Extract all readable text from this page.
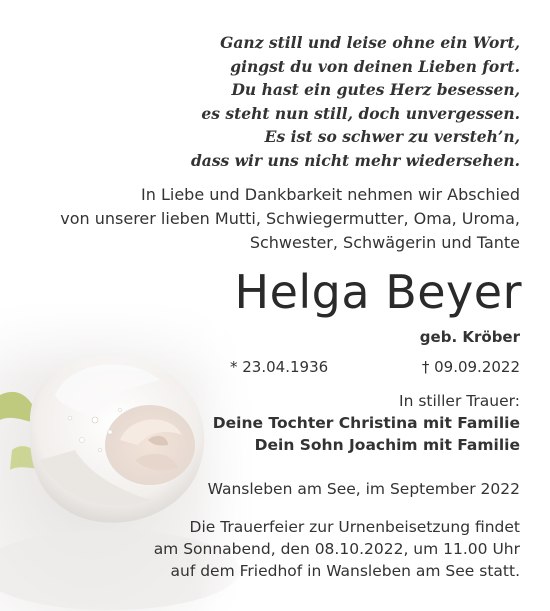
Ganz still und leise ohne ein Wort,
gingst du von deinen Lieben fort.
Du hast ein gutes Herz besessen,
es steht nun still, doch unvergessen.
Es ist so schwer zu versteh’n,
dass wir uns nicht mehr wiedersehen.
In Liebe und Dankbarkeit nehmen wir Abschied
von unserer lieben Mutti, Schwiegermutter, Oma, Uroma,
Schwester, Schwägerin und Tante
Helga Beyer
geb. Kröber
* 23.04.1936	† 09.09.2022
In stiller Trauer:
Deine Tochter Christina mit Familie
Dein Sohn Joachim mit Familie
Wansleben am See, im September 2022
Die Trauerfeier zur Urnenbeisetzung findet
am Sonnabend, den 08.10.2022, um 11.00 Uhr
auf dem Friedhof in Wansleben am See statt.
